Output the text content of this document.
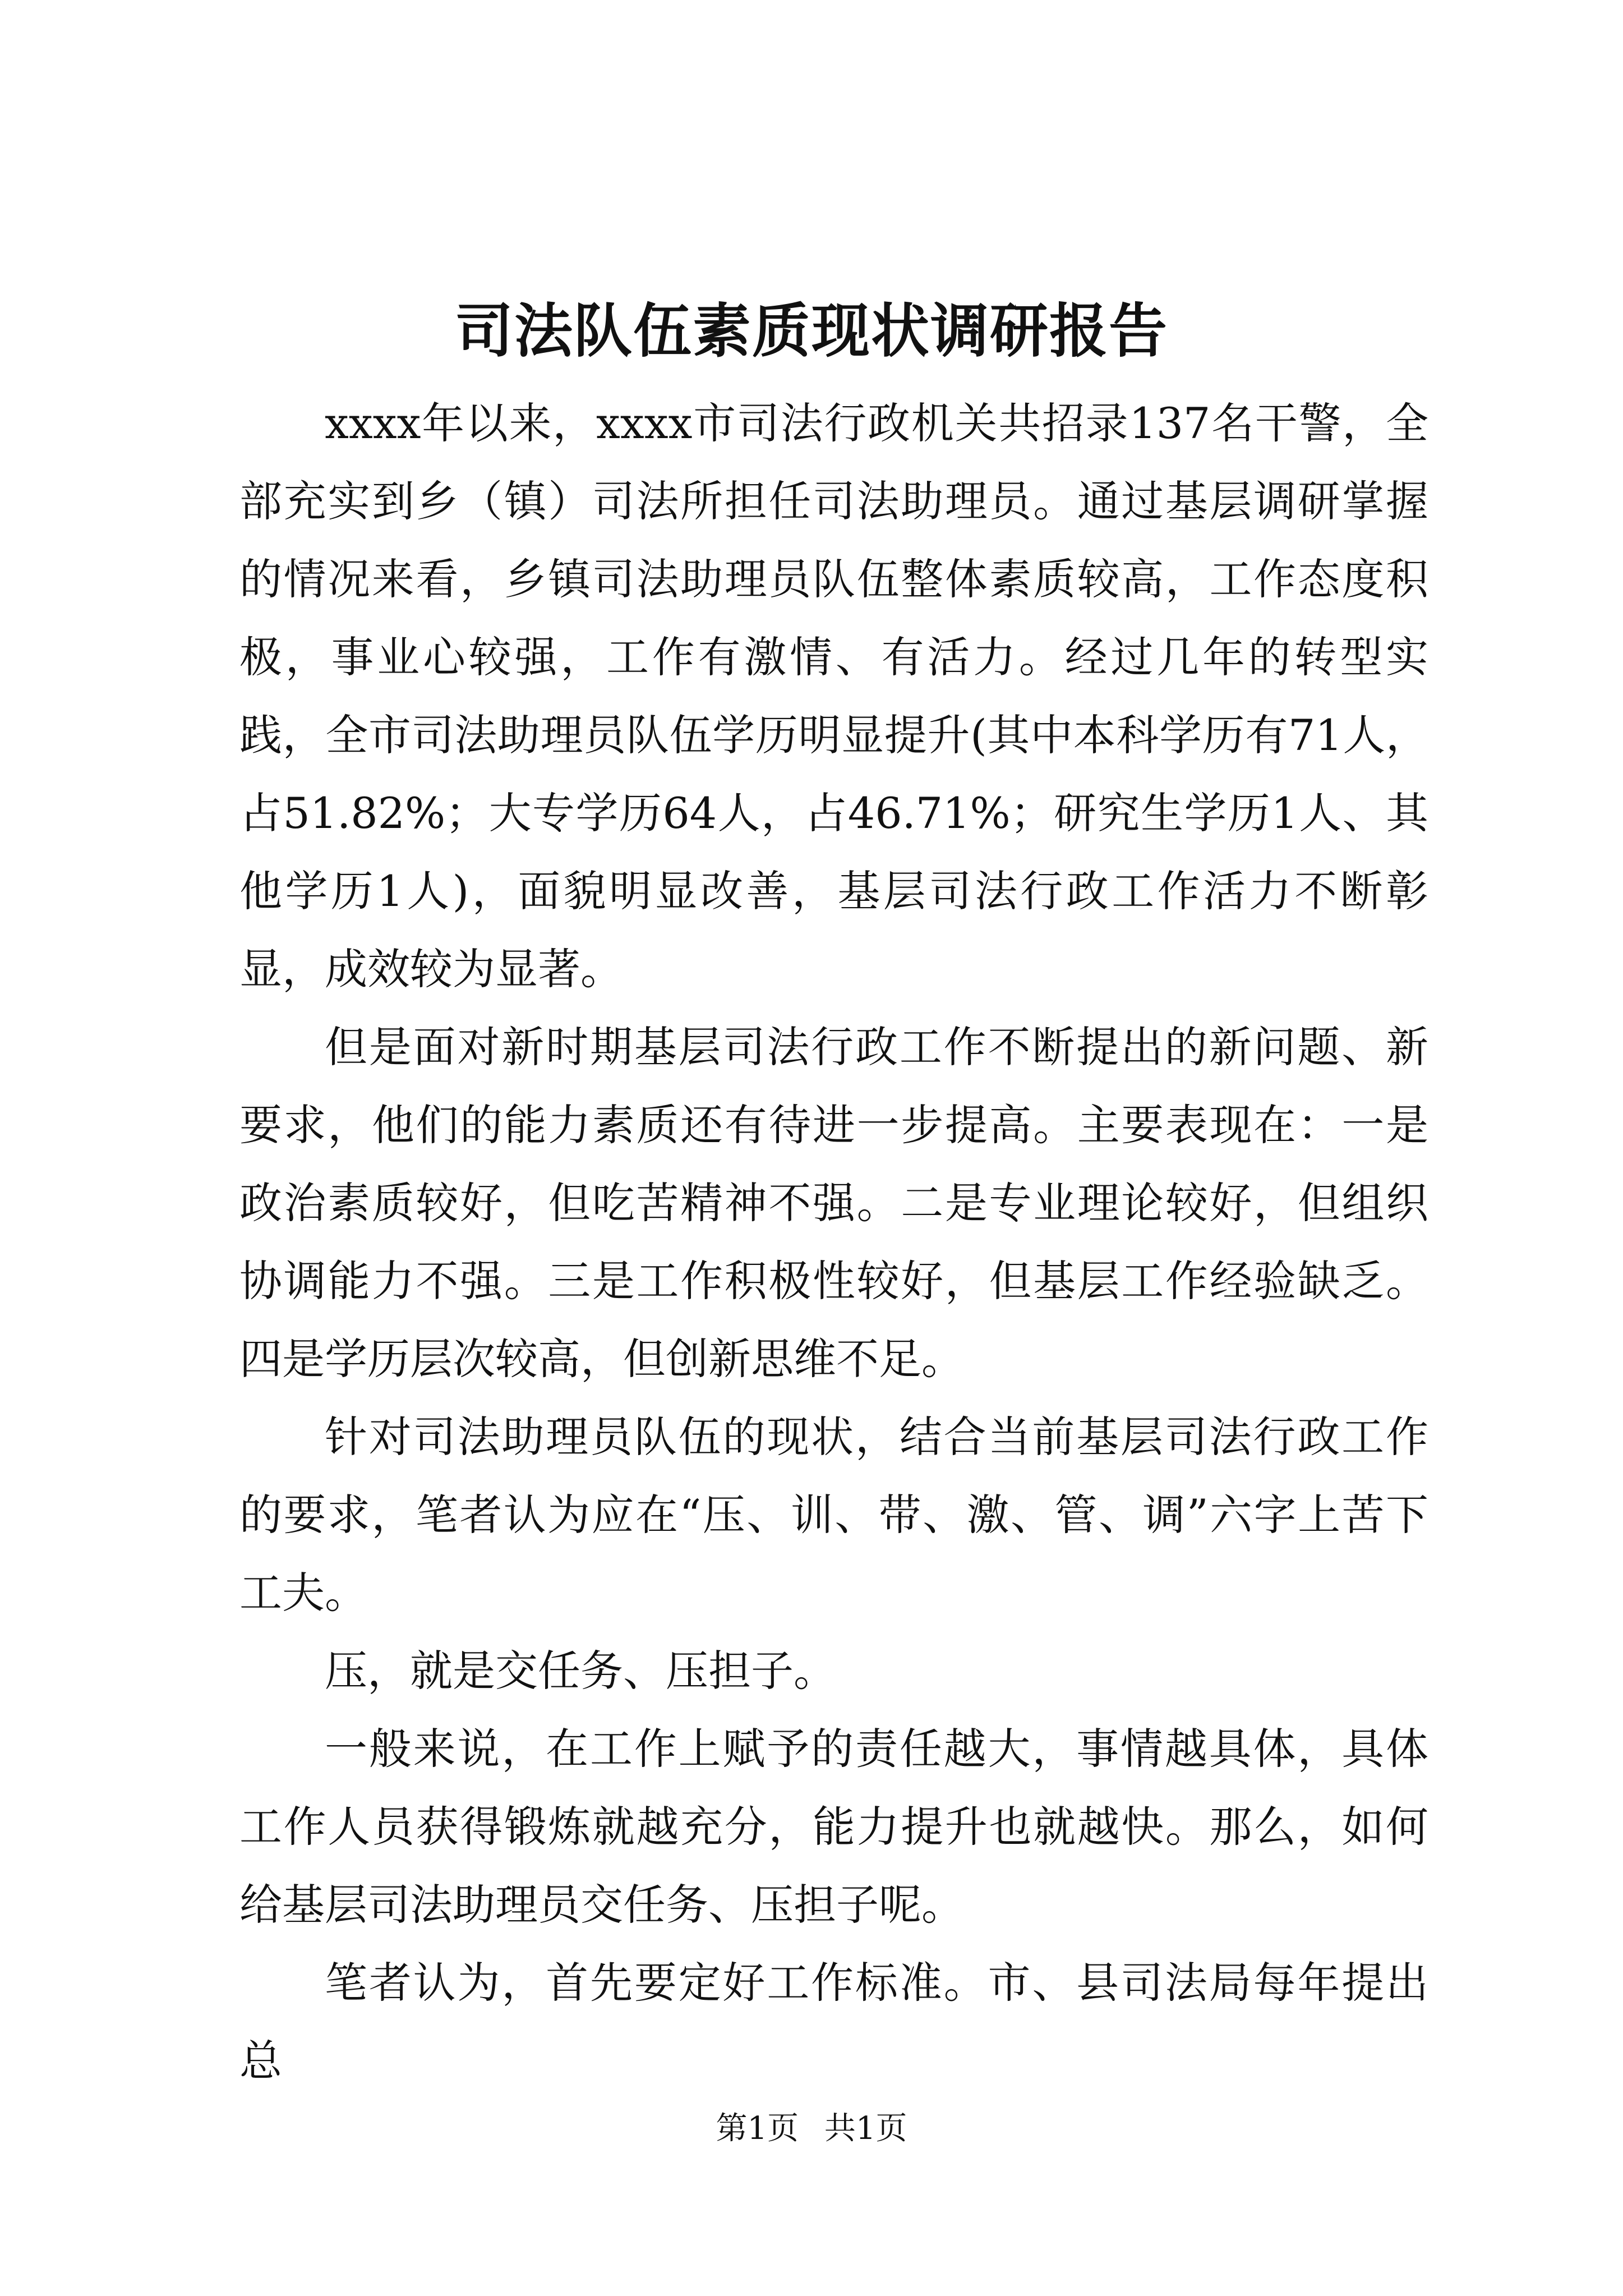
司法队伍素质现状调研报告

xxxx年以来，xxxx市司法行政机关共招录137名干警，全部充实到乡（镇）司法所担任司法助理员。通过基层调研掌握的情况来看，乡镇司法助理员队伍整体素质较高，工作态度积极，事业心较强，工作有激情、有活力。经过几年的转型实践，全市司法助理员队伍学历明显提升(其中本科学历有71人，占51.82%；大专学历64人，占46.71%；研究生学历1人、其他学历1人)，面貌明显改善，基层司法行政工作活力不断彰显，成效较为显著。

但是面对新时期基层司法行政工作不断提出的新问题、新要求，他们的能力素质还有待进一步提高。主要表现在：一是政治素质较好，但吃苦精神不强。二是专业理论较好，但组织协调能力不强。三是工作积极性较好，但基层工作经验缺乏。四是学历层次较高，但创新思维不足。

针对司法助理员队伍的现状，结合当前基层司法行政工作的要求，笔者认为应在“压、训、带、激、管、调”六字上苦下工夫。

压，就是交任务、压担子。

一般来说，在工作上赋予的责任越大，事情越具体，具体工作人员获得锻炼就越充分，能力提升也就越快。那么，如何给基层司法助理员交任务、压担子呢。

笔者认为，首先要定好工作标准。市、县司法局每年提出总

第1页 共1页
